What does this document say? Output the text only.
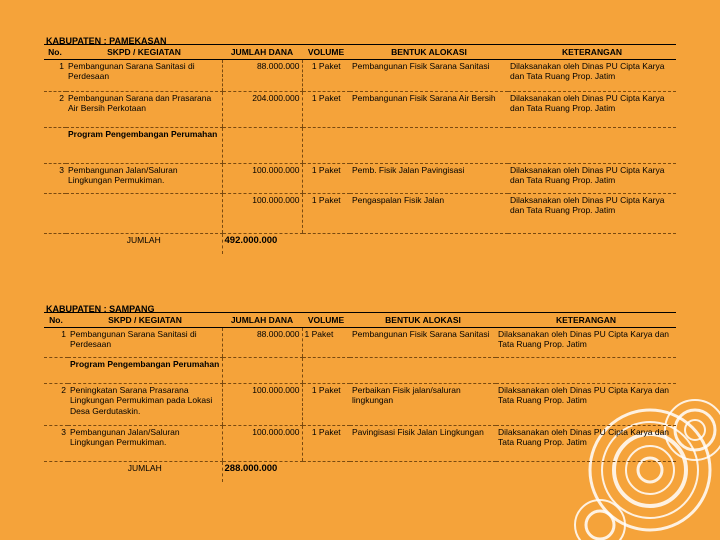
KABUPATEN : PAMEKASAN
No.	SKPD / KEGIATAN	JUMLAH DANA	VOLUME	BENTUK ALOKASI	KETERANGAN
1	Pembangunan Sarana Sanitasi di Perdesaan	88.000.000	1 Paket	Pembangunan Fisik Sarana Sanitasi	Dilaksanakan oleh Dinas PU Cipta Karya dan Tata Ruang Prop. Jatim
2	Pembangunan Sarana dan Prasarana Air Bersih Perkotaan	204.000.000	1 Paket	Pembangunan Fisik Sarana Air Bersih	Dilaksanakan oleh Dinas PU Cipta Karya dan Tata Ruang Prop. Jatim
	Program Pengembangan Perumahan				
3	Pembangunan Jalan/Saluran Lingkungan Permukiman.	100.000.000	1 Paket	Pemb. Fisik Jalan Pavingisasi	Dilaksanakan oleh Dinas PU Cipta Karya dan Tata Ruang Prop. Jatim
		100.000.000	1 Paket	Pengaspalan Fisik Jalan	Dilaksanakan oleh Dinas PU Cipta Karya dan Tata Ruang Prop. Jatim
	JUMLAH	492.000.000			
KABUPATEN : SAMPANG
No.	SKPD / KEGIATAN	JUMLAH DANA	VOLUME	BENTUK ALOKASI	KETERANGAN
1	Pembangunan Sarana Sanitasi di Perdesaan	88.000.000	1 Paket	Pembangunan Fisik Sarana Sanitasi	Dilaksanakan oleh Dinas PU Cipta Karya dan Tata Ruang Prop. Jatim
	Program Pengembangan Perumahan				
2	Peningkatan Sarana Prasarana Lingkungan Permukiman pada Lokasi Desa Gerdutaskin.	100.000.000	1 Paket	Perbaikan Fisik jalan/saluran lingkungan	Dilaksanakan oleh Dinas PU Cipta Karya dan Tata Ruang Prop. Jatim
3	Pembangunan Jalan/Saluran Lingkungan Permukiman.	100.000.000	1 Paket	Pavingisasi Fisik Jalan Lingkungan	Dilaksanakan oleh Dinas PU Cipta Karya dan Tata Ruang Prop. Jatim
	JUMLAH	288.000.000			
